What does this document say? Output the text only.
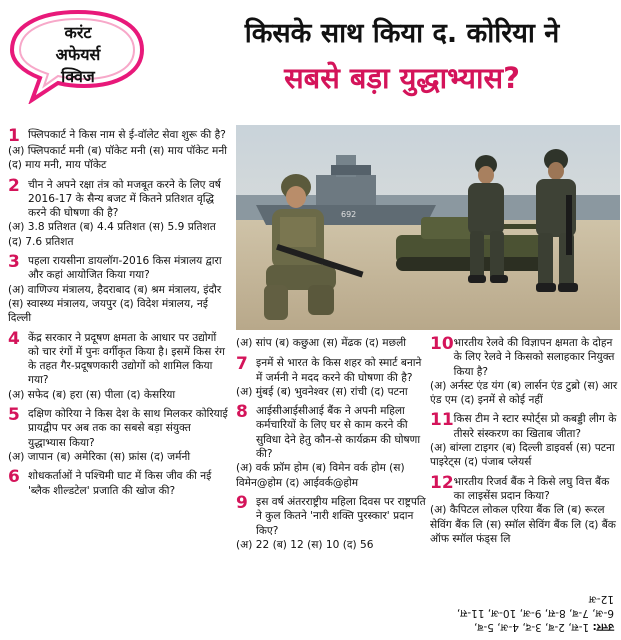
करंट
अफेयर्स
क्विज
किसके साथ किया द. कोरिया ने
सबसे बड़ा युद्धाभ्यास?
692
1 फ्लिपकार्ट ने किस नाम से ई-वॉलेट सेवा शुरू की है?
(अ) फ्लिपकार्ट मनी (ब) पॉकेट मनी (स) माय पॉकेट मनी (द) माय मनी, माय पॉकेट
2 चीन ने अपने रक्षा तंत्र को मजबूत करने के लिए वर्ष 2016-17 के सैन्य बजट में कितने प्रतिशत वृद्धि करने की घोषणा की है?
(अ) 3.8 प्रतिशत (ब) 4.4 प्रतिशत (स) 5.9 प्रतिशत (द) 7.6 प्रतिशत
3 पहला रायसीना डायलॉग-2016 किस मंत्रालय द्वारा और कहां आयोजित किया गया?
(अ) वाणिज्य मंत्रालय, हैदराबाद (ब) श्रम मंत्रालय, इंदौर (स) स्वास्थ्य मंत्रालय, जयपुर (द) विदेश मंत्रालय, नई दिल्ली
4 केंद्र सरकार ने प्रदूषण क्षमता के आधार पर उद्योगों को चार रंगों में पुनः वर्गीकृत किया है। इसमें किस रंग के तहत गैर-प्रदूषणकारी उद्योगों को शामिल किया गया?
(अ) सफेद (ब) हरा (स) पीला (द) केसरिया
5 दक्षिण कोरिया ने किस देश के साथ मिलकर कोरियाई प्रायद्वीप पर अब तक का सबसे बड़ा संयुक्त युद्धाभ्यास किया?
(अ) जापान (ब) अमेरिका (स) फ्रांस (द) जर्मनी
6 शोधकर्ताओं ने पश्चिमी घाट में किस जीव की नई 'ब्लैक शील्डटेल' प्रजाति की खोज की?
(अ) सांप (ब) कछुआ (स) मेंढक (द) मछली
7 इनमें से भारत के किस शहर को स्मार्ट बनाने में जर्मनी ने मदद करने की घोषणा की है?
(अ) मुंबई (ब) भुवनेश्वर (स) रांची (द) पटना
8 आईसीआईसीआई बैंक ने अपनी महिला कर्मचारियों के लिए घर से काम करने की सुविधा देने हेतु कौन-से कार्यक्रम की घोषणा की?
(अ) वर्क फ्रॉम होम (ब) विमेन वर्क होम (स) विमेन@होम (द) आईवर्क@होम
9 इस वर्ष अंतरराष्ट्रीय महिला दिवस पर राष्ट्रपति ने कुल कितने 'नारी शक्ति पुरस्कार' प्रदान किए?
(अ) 22 (ब) 12 (स) 10 (द) 56
10 भारतीय रेलवे की विज्ञापन क्षमता के दोहन के लिए रेलवे ने किसको सलाहकार नियुक्त किया है?
(अ) अर्नस्ट एंड यंग (ब) लार्सन एंड टुब्रो (स) आर एंड एम (द) इनमें से कोई नहीं
11 किस टीम ने स्टार स्पोर्ट्स प्रो कबड्डी लीग के तीसरे संस्करण का खिताब जीता?
(अ) बांग्ला टाइगर (ब) दिल्ली डाइवर्स (स) पटना पाइरेट्स (द) पंजाब प्लेयर्स
12 भारतीय रिजर्व बैंक ने किसे लघु वित्त बैंक का लाइसेंस प्रदान किया?
(अ) कैपिटल लोकल एरिया बैंक लि (ब) रूरल सेविंग बैंक लि (स) स्मॉल सेविंग बैंक लि (द) बैंक ऑफ स्मॉल फंड्स लि
उत्तर: 1-स, 2-ब, 3-द, 4-अ, 5-ब,
6-अ, 7-ब, 8-स, 9-अ, 10-अ, 11-स,
12-अ
